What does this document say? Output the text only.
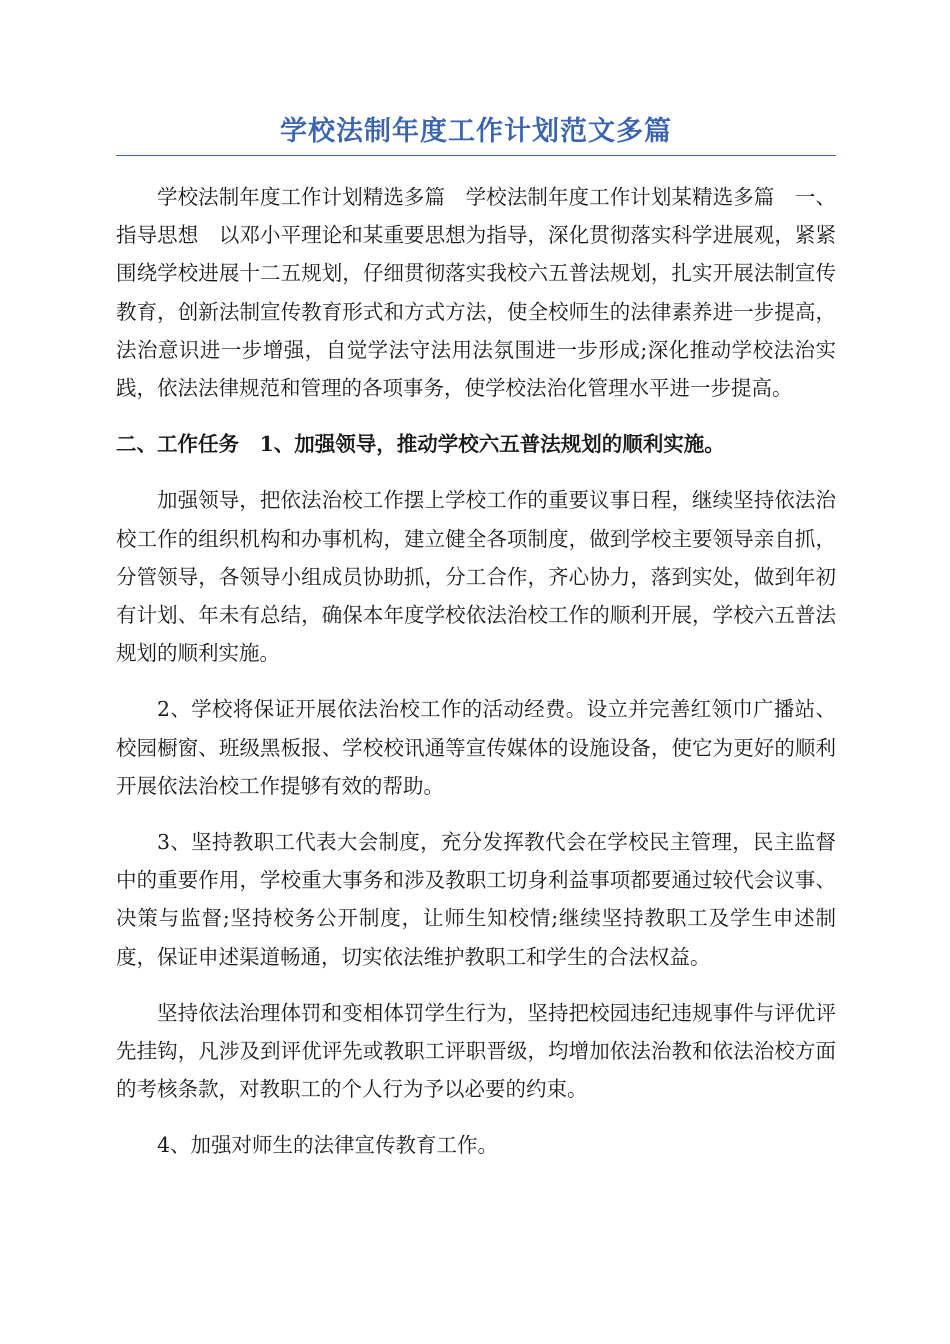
学校法制年度工作计划范文多篇

学校法制年度工作计划精选多篇　学校法制年度工作计划某精选多篇　一、指导思想　以邓小平理论和某重要思想为指导，深化贯彻落实科学进展观，紧紧围绕学校进展十二五规划，仔细贯彻落实我校六五普法规划，扎实开展法制宣传教育，创新法制宣传教育形式和方式方法，使全校师生的法律素养进一步提高，法治意识进一步增强，自觉学法守法用法氛围进一步形成;深化推动学校法治实践，依法法律规范和管理的各项事务，使学校法治化管理水平进一步提高。

二、工作任务　1、加强领导，推动学校六五普法规划的顺利实施。

加强领导，把依法治校工作摆上学校工作的重要议事日程，继续坚持依法治校工作的组织机构和办事机构，建立健全各项制度，做到学校主要领导亲自抓，分管领导，各领导小组成员协助抓，分工合作，齐心协力，落到实处，做到年初有计划、年未有总结，确保本年度学校依法治校工作的顺利开展，学校六五普法规划的顺利实施。

2、学校将保证开展依法治校工作的活动经费。设立并完善红领巾广播站、校园橱窗、班级黑板报、学校校讯通等宣传媒体的设施设备，使它为更好的顺利开展依法治校工作提够有效的帮助。

3、坚持教职工代表大会制度，充分发挥教代会在学校民主管理，民主监督中的重要作用，学校重大事务和涉及教职工切身利益事项都要通过较代会议事、决策与监督;坚持校务公开制度，让师生知校情;继续坚持教职工及学生申述制度，保证申述渠道畅通，切实依法维护教职工和学生的合法权益。

坚持依法治理体罚和变相体罚学生行为，坚持把校园违纪违规事件与评优评先挂钩，凡涉及到评优评先或教职工评职晋级，均增加依法治教和依法治校方面的考核条款，对教职工的个人行为予以必要的约束。

4、加强对师生的法律宣传教育工作。
